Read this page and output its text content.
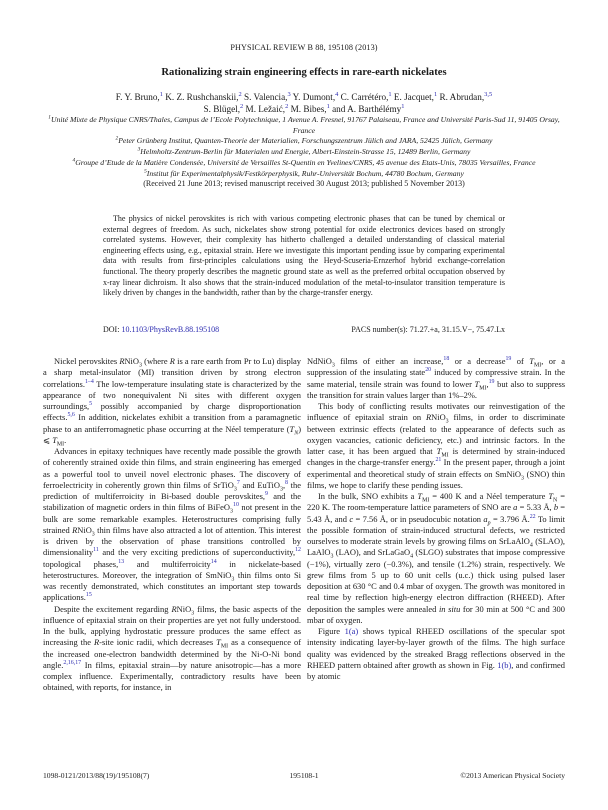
PHYSICAL REVIEW B 88, 195108 (2013)
Rationalizing strain engineering effects in rare-earth nickelates
F. Y. Bruno,$^1$ K. Z. Rushchanskii,$^2$ S. Valencia,$^3$ Y. Dumont,$^4$ C. Carrétéro,$^1$ E. Jacquet,$^1$ R. Abrudan,$^{3,5}$
S. Blügel,$^2$ M. Ležaić,$^2$ M. Bibes,$^1$ and A. Barthélémy$^1$
$^1$Unité Mixte de Physique CNRS/Thales, Campus de l’Ecole Polytechnique, 1 Avenue A. Fresnel, 91767 Palaiseau, France and Université Paris-Sud 11, 91405 Orsay, France
$^2$Peter Grünberg Institut, Quanten-Theorie der Materialien, Forschungszentrum Jülich and JARA, 52425 Jülich, Germany
$^3$Helmholtz-Zentrum-Berlin für Materialen und Energie, Albert-Einstein-Strasse 15, 12489 Berlin, Germany
$^4$Groupe d’Etude de la Matière Condensée, Université de Versailles St-Quentin en Yvelines/CNRS, 45 avenue des Etats-Unis, 78035 Versailles, France
$^5$Institut für Experimentalphysik/Festkörperphysik, Ruhr-Universität Bochum, 44780 Bochum, Germany
(Received 21 June 2013; revised manuscript received 30 August 2013; published 5 November 2013)
The physics of nickel perovskites is rich with various competing electronic phases that can be tuned by chemical or external degrees of freedom. As such, nickelates show strong potential for oxide electronics devices based on strongly correlated systems. However, their complexity has hitherto challenged a detailed understanding of classical material engineering effects using, e.g., epitaxial strain. Here we investigate this important pending issue by comparing experimental data with results from first-principles calculations using the Heyd-Scuseria-Ernzerhof hybrid exchange-correlation functional. The theory properly describes the magnetic ground state as well as the preferred orbital occupation observed by x-ray linear dichroism. It also shows that the strain-induced modulation of the metal-to-insulator transition temperature is likely driven by changes in the bandwidth, rather than by the charge-transfer energy.
DOI: 10.1103/PhysRevB.88.195108	PACS number(s): 71.27.+a, 31.15.V−, 75.47.Lx

Nickel perovskites RNiO$_3$ (where R is a rare earth from Pr to Lu) display a sharp metal-insulator (MI) transition driven by strong electron correlations.$^{1-4}$ The low-temperature insulating state is characterized by the appearance of two nonequivalent Ni sites with different oxygen surroundings,$^5$ possibly accompanied by charge disproportionation effects.$^{5,6}$ In addition, nickelates exhibit a transition from a paramagnetic phase to an antiferromagnetic phase occurring at the Néel temperature $(T_N)$ ⩽ $T_{MI}$.

Advances in epitaxy techniques have recently made possible the growth of coherently strained oxide thin films, and strain engineering has emerged as a powerful tool to unveil novel electronic phases. The discovery of ferroelectricity in coherently grown thin films of SrTiO$_3^7$ and EuTiO$_3$,$^8$ the prediction of multiferroicity in Bi-based double perovskites,$^9$ and the stabilization of magnetic orders in thin films of BiFeO$_3^{10}$ not present in the bulk are some remarkable examples. Heterostructures comprising fully strained RNiO$_3$ thin films have also attracted a lot of attention. This interest is driven by the observation of phase transitions controlled by dimensionality$^{11}$ and the very exciting predictions of superconductivity,$^{12}$ topological phases,$^{13}$ and multiferroicity$^{14}$ in nickelate-based heterostructures. Moreover, the integration of SmNiO$_3$ thin films onto Si was recently demonstrated, which constitutes an important step towards applications.$^{15}$

Despite the excitement regarding RNiO$_3$ films, the basic aspects of the influence of epitaxial strain on their properties are yet not fully understood. In the bulk, applying hydrostatic pressure produces the same effect as increasing the R-site ionic radii, which decreases $T_{MI}$ as a consequence of the increased one-electron bandwidth determined by the Ni-O-Ni bond angle.$^{2,16,17}$ In films, epitaxial strain—by nature anisotropic—has a more complex influence. Experimentally, contradictory results have been obtained, with reports, for instance, in

NdNiO$_3$ films of either an increase,$^{18}$ or a decrease$^{19}$ of $T_{MI}$, or a suppression of the insulating state$^{20}$ induced by compressive strain. In the same material, tensile strain was found to lower $T_{MI},^{19}$ but also to suppress the transition for strain values larger than 1%–2%.

This body of conflicting results motivates our reinvestigation of the influence of epitaxial strain on RNiO$_3$ films, in order to discriminate between extrinsic effects (related to the appearance of defects such as oxygen vacancies, cationic deficiency, etc.) and intrinsic factors. In the latter case, it has been argued that $T_{MI}$ is determined by strain-induced changes in the charge-transfer energy.$^{21}$ In the present paper, through a joint experimental and theoretical study of strain effects on SmNiO$_3$ (SNO) thin films, we hope to clarify these pending issues.

In the bulk, SNO exhibits a $T_{MI} = 400$ K and a Néel temperature $T_N = 220$ K. The room-temperature lattice parameters of SNO are a = 5.33 Å, b = 5.43 Å, and c = 7.56 Å, or in pseudocubic notation $a_p = 3.796$ Å.$^{22}$ To limit the possible formation of strain-induced structural defects, we restricted ourselves to moderate strain levels by growing films on SrLaAlO$_4$ (SLAO), LaAlO$_3$ (LAO), and SrLaGaO$_4$ (SLGO) substrates that impose compressive (−1%), virtually zero (−0.3%), and tensile (1.2%) strain, respectively. We grew films from 5 up to 60 unit cells (u.c.) thick using pulsed laser deposition at 630 °C and 0.4 mbar of oxygen. The growth was monitored in real time by reflection high-energy electron diffraction (RHEED). After deposition the samples were annealed in situ for 30 min at 500 °C and 300 mbar of oxygen.

Figure 1(a) shows typical RHEED oscillations of the specular spot intensity indicating layer-by-layer growth of the films. The high surface quality was evidenced by the streaked Bragg reflections observed in the RHEED pattern obtained after growth as shown in Fig. 1(b), and confirmed by atomic

1098-0121/2013/88(19)/195108(7)	195108-1	©2013 American Physical Society
